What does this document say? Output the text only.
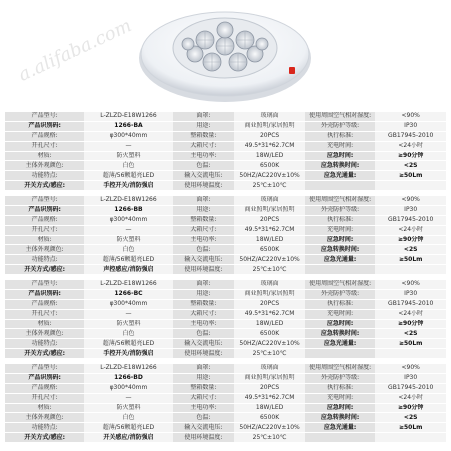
a.alifaba.com
产品型号:	L-ZLZD-E18W1266	面罩:	玻璃面	使用周围空气相对湿度:	<90%
产品识别码:	1266-BA	用途:	商业照明/家居照明	外壳防护等级:	IP30
产品规格:	φ300*40mm	整箱数量:	20PCS	执行标准:	GB17945-2010
开孔尺寸:	—	大箱尺寸:	49.5*31*62.7CM	充电时间:	<24小时
材质:	防火塑料	主电功率:	18W/LED	应急时间:	≥90分钟
主体外观颜色:	白色	色温:	6500K	应急转换时间:	<2S
功能特点:	超薄/56颗超亮LED	输入交流电压:	50HZ/AC220V±10%	应急光通量:	≥50Lm
开关方式/感应:	手控开关/消防强启	使用环境温度:	25℃±10℃		
产品型号:	L-ZLZD-E18W1266	面罩:	玻璃面	使用周围空气相对湿度:	<90%
产品识别码:	1266-BB	用途:	商业照明/家居照明	外壳防护等级:	IP30
产品规格:	φ300*40mm	整箱数量:	20PCS	执行标准:	GB17945-2010
开孔尺寸:	—	大箱尺寸:	49.5*31*62.7CM	充电时间:	<24小时
材质:	防火塑料	主电功率:	18W/LED	应急时间:	≥90分钟
主体外观颜色:	白色	色温:	6500K	应急转换时间:	<2S
功能特点:	超薄/56颗超亮LED	输入交流电压:	50HZ/AC220V±10%	应急光通量:	≥50Lm
开关方式/感应:	声控感应/消防强启	使用环境温度:	25℃±10℃		
产品型号:	L-ZLZD-E18W1266	面罩:	玻璃面	使用周围空气相对湿度:	<90%
产品识别码:	1266-BC	用途:	商业照明/家居照明	外壳防护等级:	IP30
产品规格:	φ300*40mm	整箱数量:	20PCS	执行标准:	GB17945-2010
开孔尺寸:	—	大箱尺寸:	49.5*31*62.7CM	充电时间:	<24小时
材质:	防火塑料	主电功率:	18W/LED	应急时间:	≥90分钟
主体外观颜色:	白色	色温:	6500K	应急转换时间:	<2S
功能特点:	超薄/56颗超亮LED	输入交流电压:	50HZ/AC220V±10%	应急光通量:	≥50Lm
开关方式/感应:	手控开关/消防强启	使用环境温度:	25℃±10℃		
产品型号:	L-ZLZD-E18W1266	面罩:	玻璃面	使用周围空气相对湿度:	<90%
产品识别码:	1266-BD	用途:	商业照明/家居照明	外壳防护等级:	IP30
产品规格:	φ300*40mm	整箱数量:	20PCS	执行标准:	GB17945-2010
开孔尺寸:	—	大箱尺寸:	49.5*31*62.7CM	充电时间:	<24小时
材质:	防火塑料	主电功率:	18W/LED	应急时间:	≥90分钟
主体外观颜色:	白色	色温:	6500K	应急转换时间:	<2S
功能特点:	超薄/56颗超亮LED	输入交流电压:	50HZ/AC220V±10%	应急光通量:	≥50Lm
开关方式/感应:	开关感应/消防强启	使用环境温度:	25℃±10℃		
